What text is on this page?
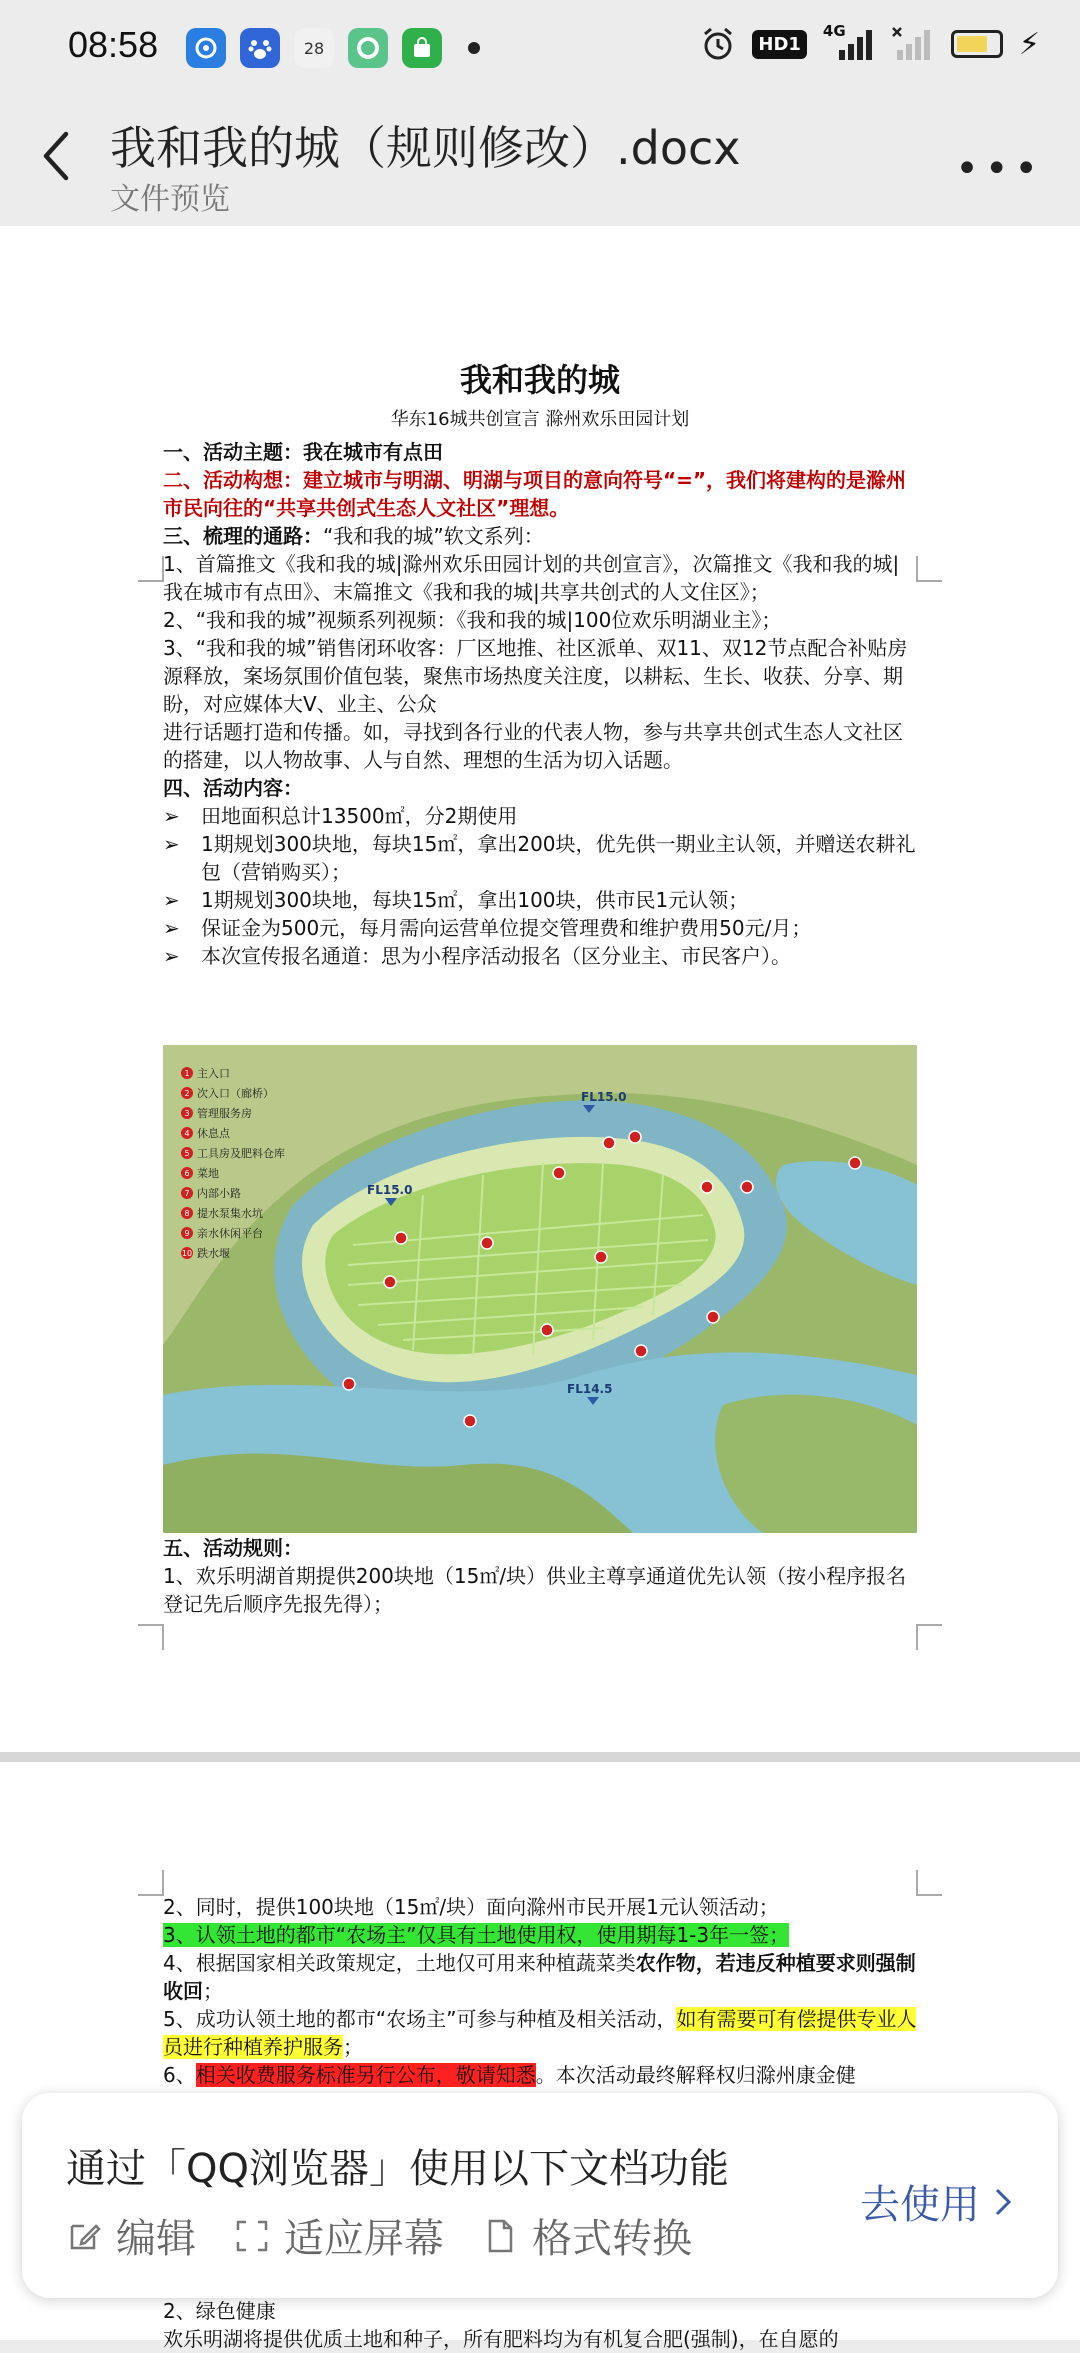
08:58	28	HD1
4G	⚡
我和我的城（规则修改）.docx
文件预览
•••
我和我的城
华东16城共创宣言 滁州欢乐田园计划
一、活动主题：我在城市有点田
二、活动构想：建立城市与明湖、明湖与项目的意向符号“=”，我们将建构的是滁州市民向往的“共享共创式生态人文社区”理想。
三、梳理的通路：“我和我的城”软文系列：
1、首篇推文《我和我的城|滁州欢乐田园计划的共创宣言》，次篇推文《我和我的城|我在城市有点田》、末篇推文《我和我的城|共享共创式的人文住区》；
2、“我和我的城”视频系列视频：《我和我的城|100位欢乐明湖业主》；
3、“我和我的城”销售闭环收客：厂区地推、社区派单、双11、双12节点配合补贴房源释放，案场氛围价值包装，聚焦市场热度关注度，以耕耘、生长、收获、分享、期盼，对应媒体大V、业主、公众
进行话题打造和传播。如，寻找到各行业的代表人物，参与共享共创式生态人文社区的搭建，以人物故事、人与自然、理想的生活为切入话题。
四、活动内容：
➢	田地面积总计13500㎡，分2期使用
➢	1期规划300块地，每块15㎡，拿出200块，优先供一期业主认领，并赠送农耕礼包（营销购买）；
➢	1期规划300块地，每块15㎡，拿出100块，供市民1元认领；
➢	保证金为500元，每月需向运营单位提交管理费和维护费用50元/月；
➢	本次宣传报名通道：思为小程序活动报名（区分业主、市民客户）。
1 主入口
2 次入口（廊桥）
3 管理服务房
4 休息点
5 工具房及肥料仓库
6 菜地
7 内部小路
8 提水泵集水坑
9 亲水休闲平台
10 跌水堰
FL15.0
FL15.0
FL14.5
五、活动规则：
1、欢乐明湖首期提供200块地（15㎡/块）供业主尊享通道优先认领（按小程序报名登记先后顺序先报先得）；
2、同时，提供100块地（15㎡/块）面向滁州市民开展1元认领活动；
3、认领土地的都市“农场主”仅具有土地使用权，使用期每1-3年一签；
4、根据国家相关政策规定，土地仅可用来种植蔬菜类农作物，若违反种植要求则强制收回；
5、成功认领土地的都市“农场主”可参与种植及相关活动，如有需要可有偿提供专业人员进行种植养护服务；
6、相关收费服务标准另行公布，敬请知悉。本次活动最终解释权归滁州康金健
2、绿色健康
欢乐明湖将提供优质土地和种子，所有肥料均为有机复合肥(强制)，在自愿的
通过「QQ浏览器」使用以下文档功能
编辑 适应屏幕 格式转换
去使用
